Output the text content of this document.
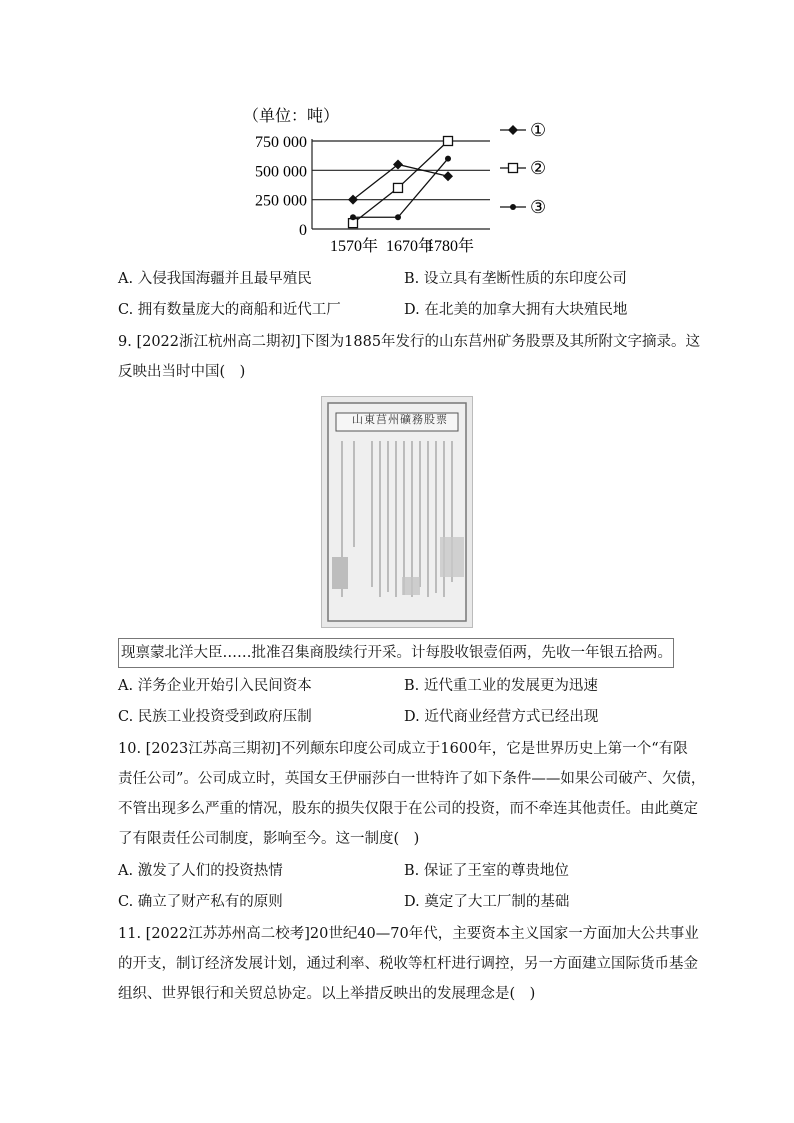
（单位：吨）
0
250 000
500 000
750 000
1570年 1670年
1780年
①
②
③
A. 入侵我国海疆并且最早殖民	B. 设立具有垄断性质的东印度公司
C. 拥有数量庞大的商船和近代工厂	D. 在北美的加拿大拥有大块殖民地
9. [2022浙江杭州高二期初]下图为1885年发行的山东莒州矿务股票及其所附文字摘录。这
反映出当时中国(　)
山東莒州礦務股票
现禀蒙北洋大臣……批准召集商股续行开采。计每股收银壹佰两，先收一年银五拾两。
A. 洋务企业开始引入民间资本	B. 近代重工业的发展更为迅速
C. 民族工业投资受到政府压制	D. 近代商业经营方式已经出现
10. [2023江苏高三期初]不列颠东印度公司成立于1600年，它是世界历史上第一个“有限
责任公司”。公司成立时，英国女王伊丽莎白一世特许了如下条件——如果公司破产、欠债，
不管出现多么严重的情况，股东的损失仅限于在公司的投资，而不牵连其他责任。由此奠定
了有限责任公司制度，影响至今。这一制度(　)
A. 激发了人们的投资热情	B. 保证了王室的尊贵地位
C. 确立了财产私有的原则	D. 奠定了大工厂制的基础
11. [2022江苏苏州高二校考]20世纪40—70年代，主要资本主义国家一方面加大公共事业
的开支，制订经济发展计划，通过利率、税收等杠杆进行调控，另一方面建立国际货币基金
组织、世界银行和关贸总协定。以上举措反映出的发展理念是(　)
